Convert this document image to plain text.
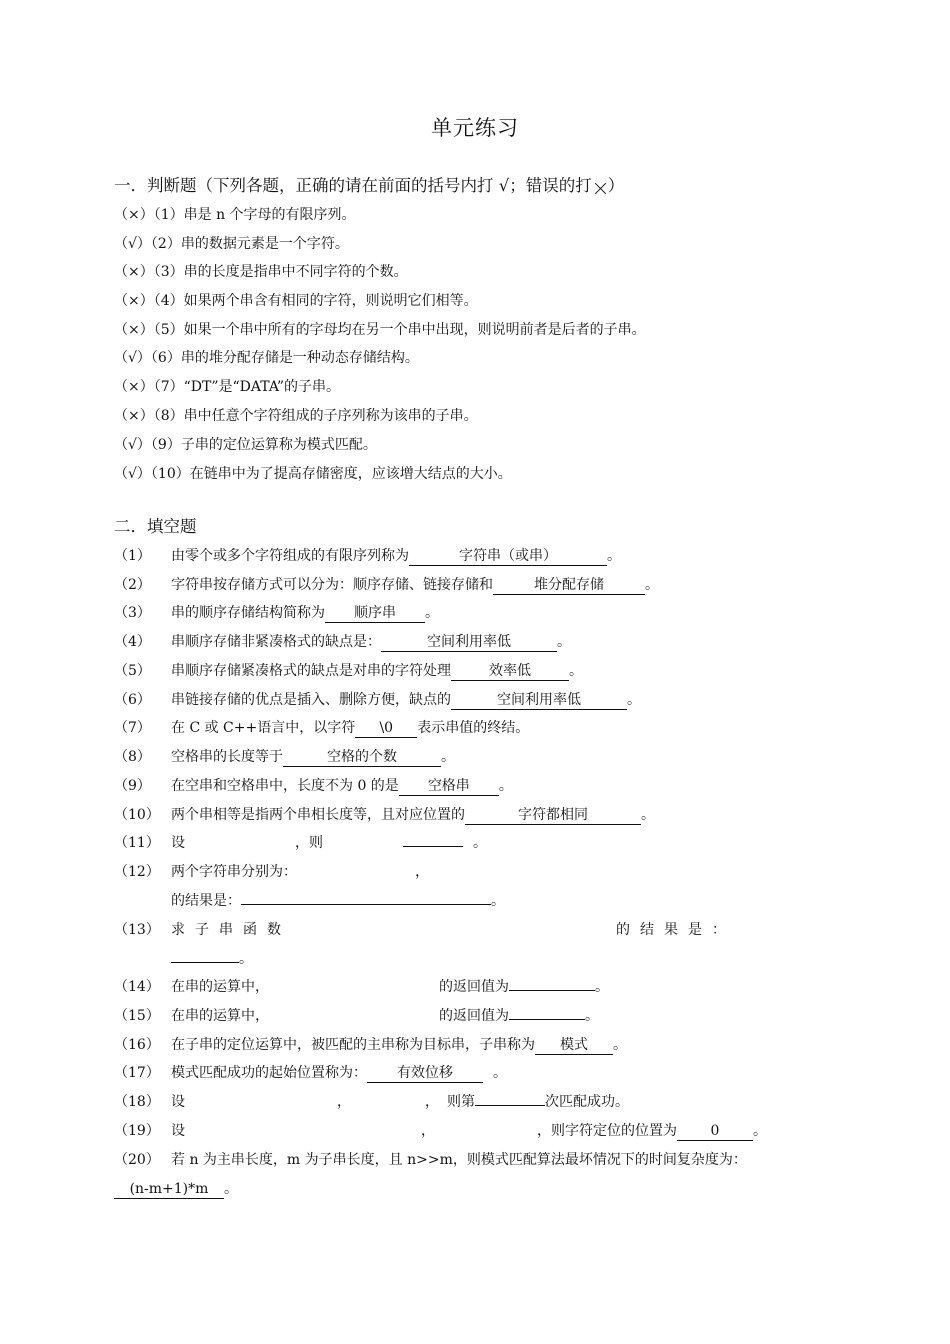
单元练习
一．判断题（下列各题，正确的请在前面的括号内打 √；错误的打 ）
（×）（1）串是 n 个字母的有限序列。
（√）（2）串的数据元素是一个字符。
（×）（3）串的长度是指串中不同字符的个数。
（×）（4）如果两个串含有相同的字符，则说明它们相等。
（×）（5）如果一个串中所有的字母均在另一个串中出现，则说明前者是后者的子串。
（√）（6）串的堆分配存储是一种动态存储结构。
（×）（7）“DT”是“DATA”的子串。
（×）（8）串中任意个字符组成的子序列称为该串的子串。
（√）（9）子串的定位运算称为模式匹配。
（√）（10）在链串中为了提高存储密度，应该增大结点的大小。
二．填空题
（1） 由零个或多个字符组成的有限序列称为	字符串（或串）	。
（2） 字符串按存储方式可以分为：顺序存储、链接存储和	堆分配存储	。
（3） 串的顺序存储结构简称为 顺序串 。
（4） 串顺序存储非紧凑格式的缺点是：	空间利用率低	。
（5） 串顺序存储紧凑格式的缺点是对串的字符处理	效率低	。
（6） 串链接存储的优点是插入、删除方便，缺点的	空间利用率低	。
（7） 在 C 或 C++语言中，以字符 \0 表示串值的终结。
（8） 空格串的长度等于	空格的个数	。
（9） 在空串和空格串中，长度不为 0 的是 空格串 。
（10） 两个串相等是指两个串相长度等，且对应位置的	字符都相同	。
（11） 设	，则	。
（12） 两个字符串分别为：	，
的结果是：	。
（13） 求子串函数	的结果是：
。
（14） 在串的运算中，	的返回值为	。
（15） 在串的运算中，	的返回值为	。
（16） 在子串的定位运算中，被匹配的主串称为目标串，子串称为 模式 。
（17） 模式匹配成功的起始位置称为： 有效位移	。
（18） 设	，	， 则第	次匹配成功。
（19） 设	，	，则字符定位的位置为 0 。
（20） 若 n 为主串长度，m 为子串长度，且 n>>m，则模式匹配算法最坏情况下的时间复杂度为：
(n-m+1)*m 。
